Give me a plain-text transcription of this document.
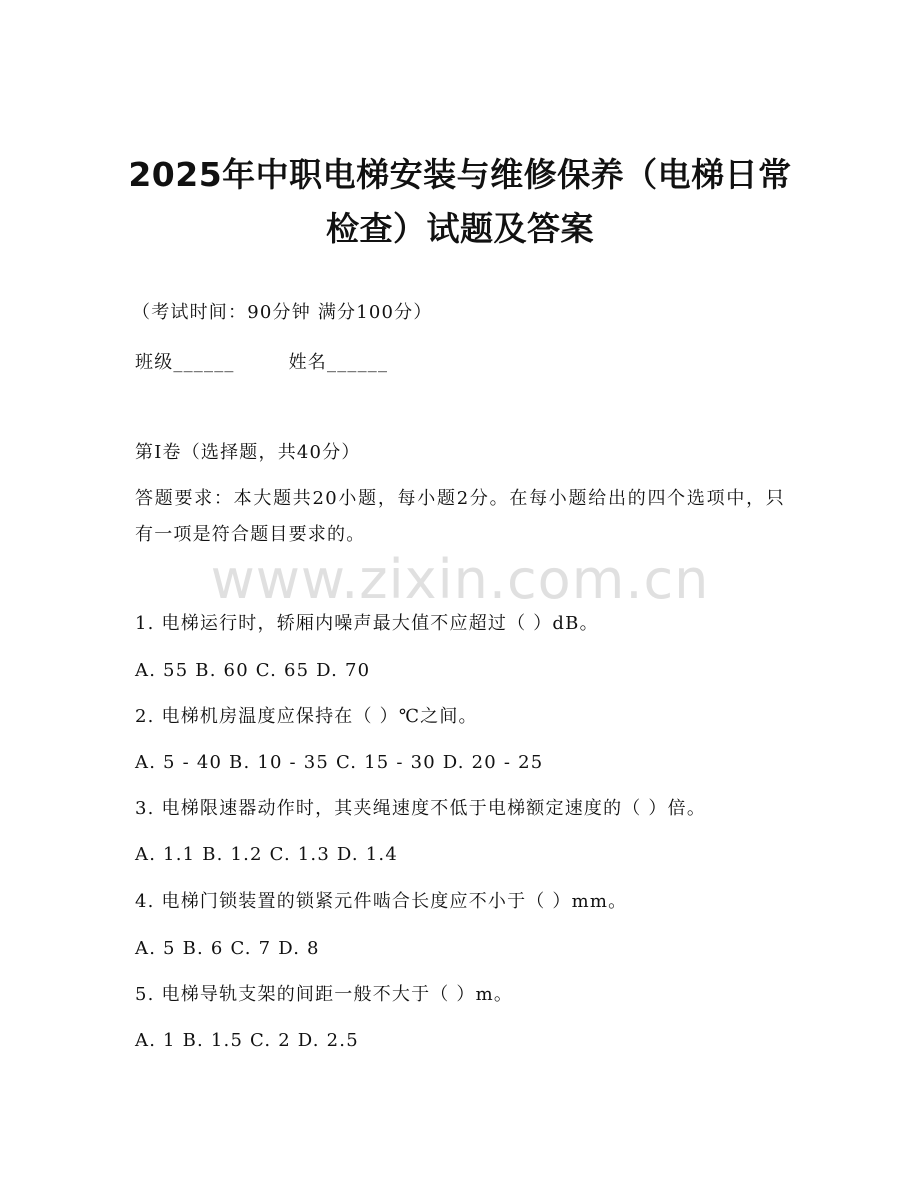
2025年中职电梯安装与维修保养（电梯日常
检查）试题及答案
（考试时间：90分钟 满分100分）
班级______	姓名______
第I卷（选择题，共40分）
答题要求：本大题共20小题，每小题2分。在每小题给出的四个选项中，只有一项是符合题目要求的。
www.zixin.com.cn
1. 电梯运行时，轿厢内噪声最大值不应超过（ ）dB。
A. 55 B. 60 C. 65 D. 70
2. 电梯机房温度应保持在（ ）℃之间。
A. 5 - 40 B. 10 - 35 C. 15 - 30 D. 20 - 25
3. 电梯限速器动作时，其夹绳速度不低于电梯额定速度的（ ）倍。
A. 1.1 B. 1.2 C. 1.3 D. 1.4
4. 电梯门锁装置的锁紧元件啮合长度应不小于（ ）mm。
A. 5 B. 6 C. 7 D. 8
5. 电梯导轨支架的间距一般不大于（ ）m。
A. 1 B. 1.5 C. 2 D. 2.5
